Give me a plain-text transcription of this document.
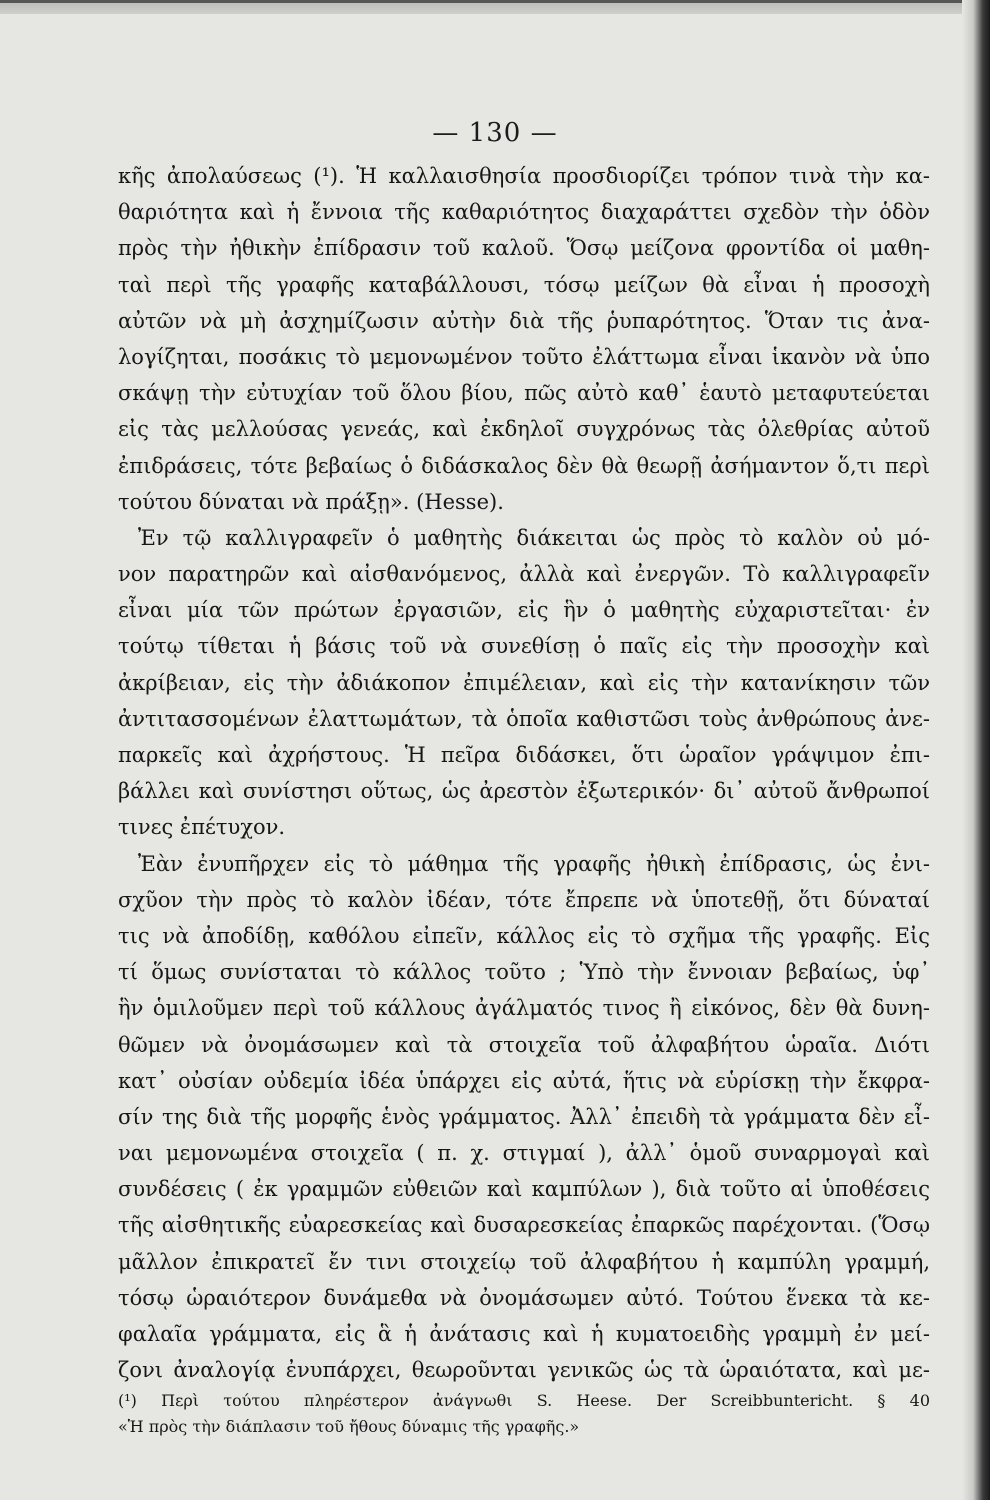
— 130 —
κῆς ἀπολαύσεως (¹). Ἡ καλλαισθησία προσδιορίζει τρόπον τινὰ τὴν κα-
θαριότητα καὶ ἡ ἔννοια τῆς καθαριότητος διαχαράττει σχεδὸν τὴν ὁδὸν
πρὸς τὴν ἠθικὴν ἐπίδρασιν τοῦ καλοῦ. Ὅσῳ μείζονα φροντίδα οἱ μαθη-
ταὶ περὶ τῆς γραφῆς καταβάλλουσι, τόσῳ μείζων θὰ εἶναι ἡ προσοχὴ
αὐτῶν νὰ μὴ ἀσχημίζωσιν αὐτὴν διὰ τῆς ῥυπαρότητος. Ὅταν τις ἀνα-
λογίζηται, ποσάκις τὸ μεμονωμένον τοῦτο ἐλάττωμα εἶναι ἱκανὸν νὰ ὑπο
σκάψῃ τὴν εὐτυχίαν τοῦ ὅλου βίου, πῶς αὐτὸ καθ᾽ ἑαυτὸ μεταφυτεύεται
εἰς τὰς μελλούσας γενεάς, καὶ ἐκδηλοῖ συγχρόνως τὰς ὀλεθρίας αὐτοῦ
ἐπιδράσεις, τότε βεβαίως ὁ διδάσκαλος δὲν θὰ θεωρῇ ἀσήμαντον ὅ,τι περὶ
τούτου δύναται νὰ πράξῃ». (Hesse).
Ἐν τῷ καλλιγραφεῖν ὁ μαθητὴς διάκειται ὡς πρὸς τὸ καλὸν οὐ μό-
νον παρατηρῶν καὶ αἰσθανόμενος, ἀλλὰ καὶ ἐνεργῶν. Τὸ καλλιγραφεῖν
εἶναι μία τῶν πρώτων ἐργασιῶν, εἰς ἣν ὁ μαθητὴς εὐχαριστεῖται· ἐν
τούτῳ τίθεται ἡ βάσις τοῦ νὰ συνεθίσῃ ὁ παῖς εἰς τὴν προσοχὴν καὶ
ἀκρίβειαν, εἰς τὴν ἀδιάκοπον ἐπιμέλειαν, καὶ εἰς τὴν κατανίκησιν τῶν
ἀντιτασσομένων ἐλαττωμάτων, τὰ ὁποῖα καθιστῶσι τοὺς ἀνθρώπους ἀνε-
παρκεῖς καὶ ἀχρήστους. Ἡ πεῖρα διδάσκει, ὅτι ὡραῖον γράψιμον ἐπι-
βάλλει καὶ συνίστησι οὕτως, ὡς ἀρεστὸν ἐξωτερικόν· δι᾽ αὐτοῦ ἄνθρωποί
τινες ἐπέτυχον.
Ἐὰν ἐνυπῆρχεν εἰς τὸ μάθημα τῆς γραφῆς ἠθικὴ ἐπίδρασις, ὡς ἐνι-
σχῦον τὴν πρὸς τὸ καλὸν ἰδέαν, τότε ἔπρεπε νὰ ὑποτεθῇ, ὅτι δύναταί
τις νὰ ἀποδίδῃ, καθόλου εἰπεῖν, κάλλος εἰς τὸ σχῆμα τῆς γραφῆς. Εἰς
τί ὅμως συνίσταται τὸ κάλλος τοῦτο ; Ὑπὸ τὴν ἔννοιαν βεβαίως, ὑφ᾽
ἣν ὁμιλοῦμεν περὶ τοῦ κάλλους ἀγάλματός τινος ἢ εἰκόνος, δὲν θὰ δυνη-
θῶμεν νὰ ὀνομάσωμεν καὶ τὰ στοιχεῖα τοῦ ἀλφαβήτου ὡραῖα. Διότι
κατ᾽ οὐσίαν οὐδεμία ἰδέα ὑπάρχει εἰς αὐτά, ἥτις νὰ εὑρίσκῃ τὴν ἔκφρα-
σίν της διὰ τῆς μορφῆς ἑνὸς γράμματος. Ἀλλ᾽ ἐπειδὴ τὰ γράμματα δὲν εἶ-
ναι μεμονωμένα στοιχεῖα ( π. χ. στιγμαί ), ἀλλ᾽ ὁμοῦ συναρμογαὶ καὶ
συνδέσεις ( ἐκ γραμμῶν εὐθειῶν καὶ καμπύλων ), διὰ τοῦτο αἱ ὑποθέσεις
τῆς αἰσθητικῆς εὐαρεσκείας καὶ δυσαρεσκείας ἐπαρκῶς παρέχονται. (Ὅσῳ
μᾶλλον ἐπικρατεῖ ἔν τινι στοιχείῳ τοῦ ἀλφαβήτου ἡ καμπύλη γραμμή,
τόσῳ ὡραιότερον δυνάμεθα νὰ ὀνομάσωμεν αὐτό. Τούτου ἕνεκα τὰ κε-
φαλαῖα γράμματα, εἰς ἃ ἡ ἀνάτασις καὶ ἡ κυματοειδὴς γραμμὴ ἐν μεί-
ζονι ἀναλογίᾳ ἐνυπάρχει, θεωροῦνται γενικῶς ὡς τὰ ὡραιότατα, καὶ με-
(¹) Περὶ τούτου πληρέστερον ἀνάγνωθι S. Heese. Der Screibbuntericht. § 40
«Ἡ πρὸς τὴν διάπλασιν τοῦ ἤθους δύναμις τῆς γραφῆς.»
